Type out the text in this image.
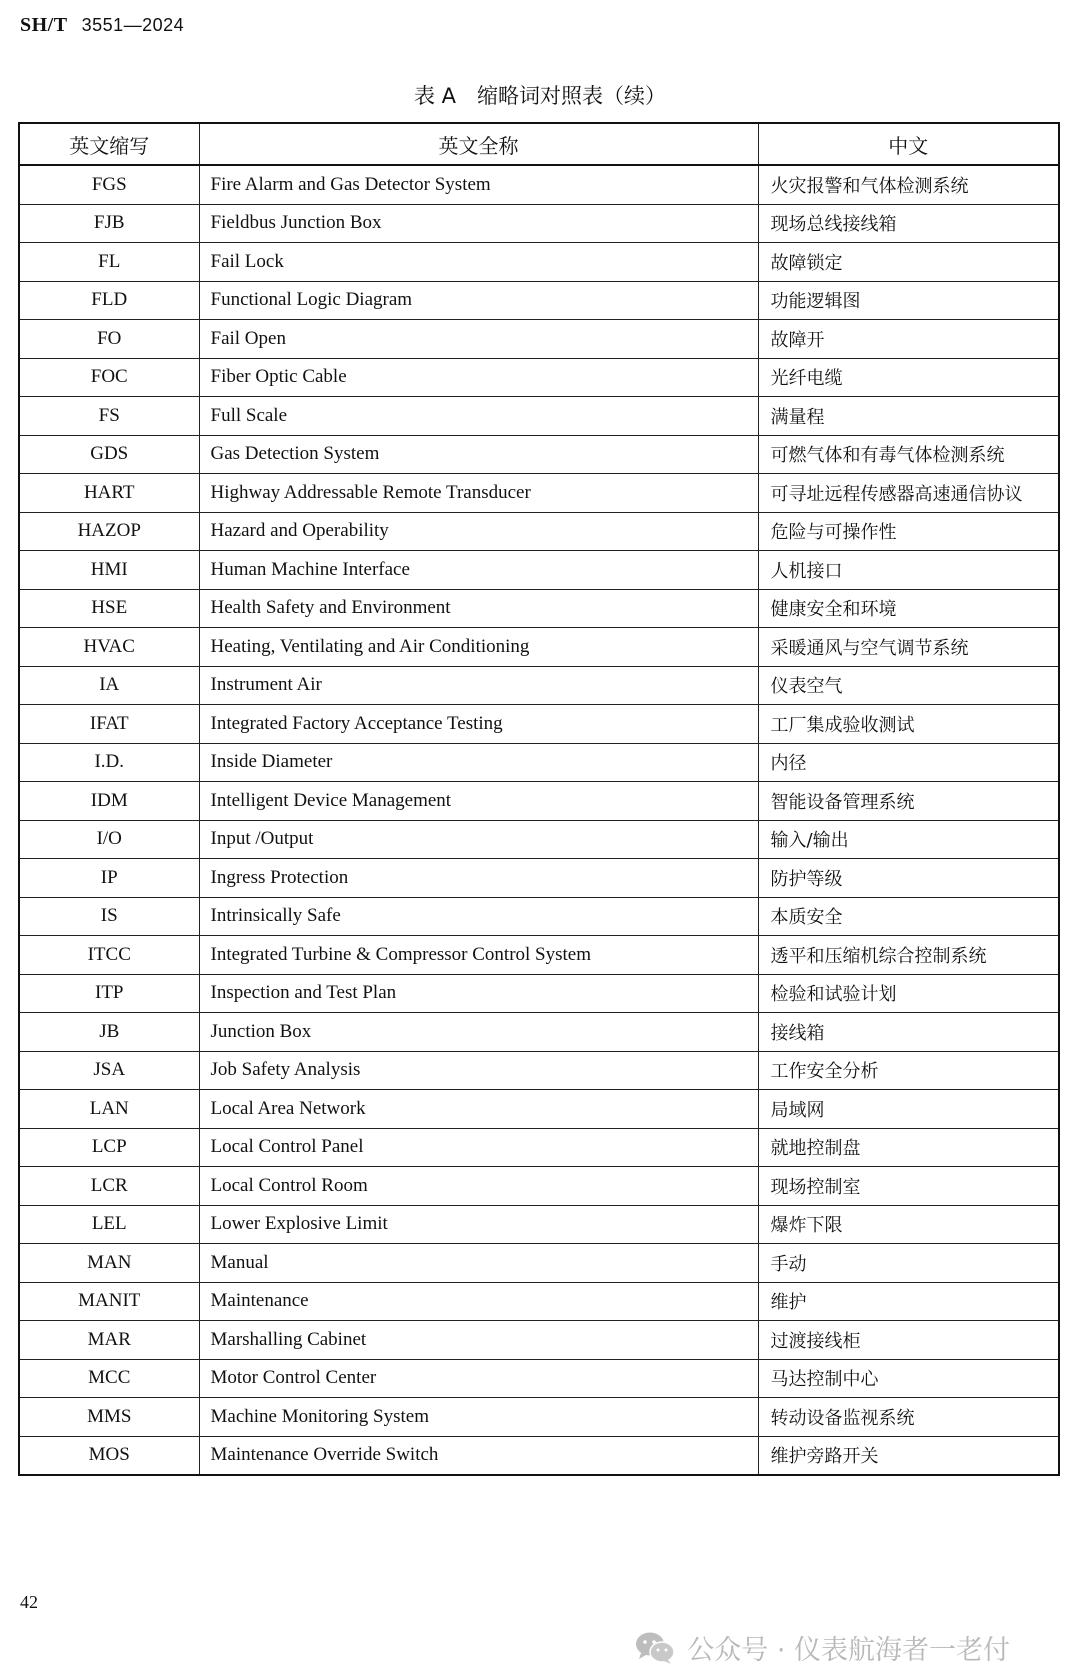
SH/T 3551—2024
表 A　缩略词对照表（续）
英文缩写	英文全称	中文
FGS	Fire Alarm and Gas Detector System	火灾报警和气体检测系统
FJB	Fieldbus Junction Box	现场总线接线箱
FL	Fail Lock	故障锁定
FLD	Functional Logic Diagram	功能逻辑图
FO	Fail Open	故障开
FOC	Fiber Optic Cable	光纤电缆
FS	Full Scale	满量程
GDS	Gas Detection System	可燃气体和有毒气体检测系统
HART	Highway Addressable Remote Transducer	可寻址远程传感器高速通信协议
HAZOP	Hazard and Operability	危险与可操作性
HMI	Human Machine Interface	人机接口
HSE	Health Safety and Environment	健康安全和环境
HVAC	Heating, Ventilating and Air Conditioning	采暖通风与空气调节系统
IA	Instrument Air	仪表空气
IFAT	Integrated Factory Acceptance Testing	工厂集成验收测试
I.D.	Inside Diameter	内径
IDM	Intelligent Device Management	智能设备管理系统
I/O	Input /Output	输入/输出
IP	Ingress Protection	防护等级
IS	Intrinsically Safe	本质安全
ITCC	Integrated Turbine & Compressor Control System	透平和压缩机综合控制系统
ITP	Inspection and Test Plan	检验和试验计划
JB	Junction Box	接线箱
JSA	Job Safety Analysis	工作安全分析
LAN	Local Area Network	局域网
LCP	Local Control Panel	就地控制盘
LCR	Local Control Room	现场控制室
LEL	Lower Explosive Limit	爆炸下限
MAN	Manual	手动
MANIT	Maintenance	维护
MAR	Marshalling Cabinet	过渡接线柜
MCC	Motor Control Center	马达控制中心
MMS	Machine Monitoring System	转动设备监视系统
MOS	Maintenance Override Switch	维护旁路开关
42
公众号 · 仪表航海者一老付
